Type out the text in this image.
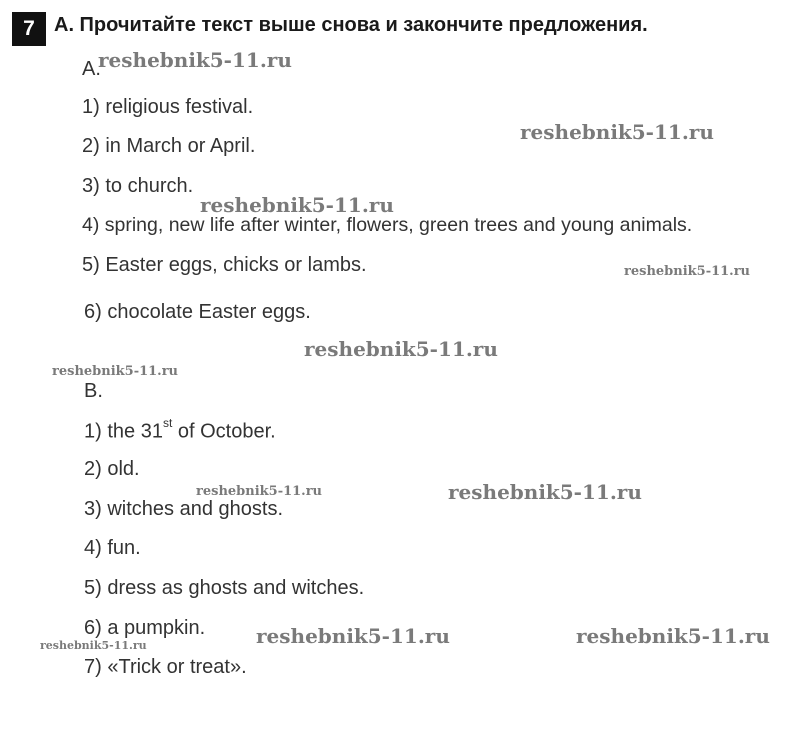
7 A. Прочитайте текст выше снова и закончите предложения.
A.
1) religious festival.
2) in March or April.
3) to church.
4) spring, new life after winter, flowers, green trees and young animals.
5) Easter eggs, chicks or lambs.
6) chocolate Easter eggs.
B.
1) the 31st of October.
2) old.
3) witches and ghosts.
4) fun.
5) dress as ghosts and witches.
6) a pumpkin.
7) «Trick or treat».
reshebnik5-11.ru
reshebnik5-11.ru
reshebnik5-11.ru
reshebnik5-11.ru
reshebnik5-11.ru
reshebnik5-11.ru
reshebnik5-11.ru	reshebnik5-11.ru
reshebnik5-11.ru	reshebnik5-11.ru
reshebnik5-11.ru
